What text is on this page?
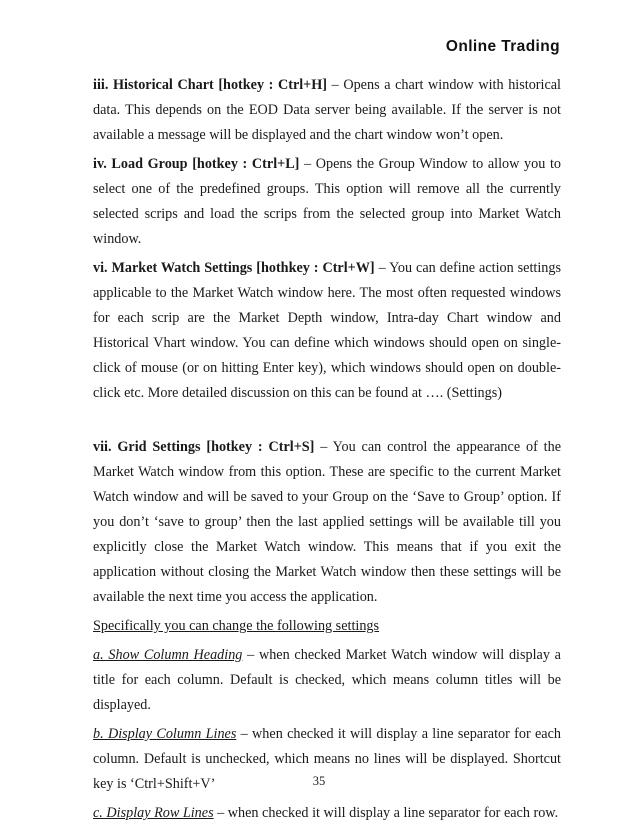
Online Trading

iii. Historical Chart [hotkey : Ctrl+H] – Opens a chart window with historical data. This depends on the EOD Data server being available. If the server is not available a message will be displayed and the chart window won’t open.

iv. Load Group [hotkey : Ctrl+L] – Opens the Group Window to allow you to select one of the predefined groups. This option will remove all the currently selected scrips and load the scrips from the selected group into Market Watch window.

vi. Market Watch Settings [hothkey : Ctrl+W] – You can define action settings applicable to the Market Watch window here. The most often requested windows for each scrip are the Market Depth window, Intra-day Chart window and Historical Vhart window. You can define which windows should open on single-click of mouse (or on hitting Enter key), which windows should open on double-click etc. More detailed discussion on this can be found at …. (Settings)

vii. Grid Settings [hotkey : Ctrl+S] – You can control the appearance of the Market Watch window from this option. These are specific to the current Market Watch window and will be saved to your Group on the ‘Save to Group’ option. If you don’t ‘save to group’ then the last applied settings will be available till you explicitly close the Market Watch window. This means that if you exit the application without closing the Market Watch window then these settings will be available the next time you access the application.

Specifically you can change the following settings

a. Show Column Heading – when checked Market Watch window will display a title for each column. Default is checked, which means column titles will be displayed.

b. Display Column Lines – when checked it will display a line separator for each column. Default is unchecked, which means no lines will be displayed. Shortcut key is ‘Ctrl+Shift+V’

c. Display Row Lines – when checked it will display a line separator for each row.

35
